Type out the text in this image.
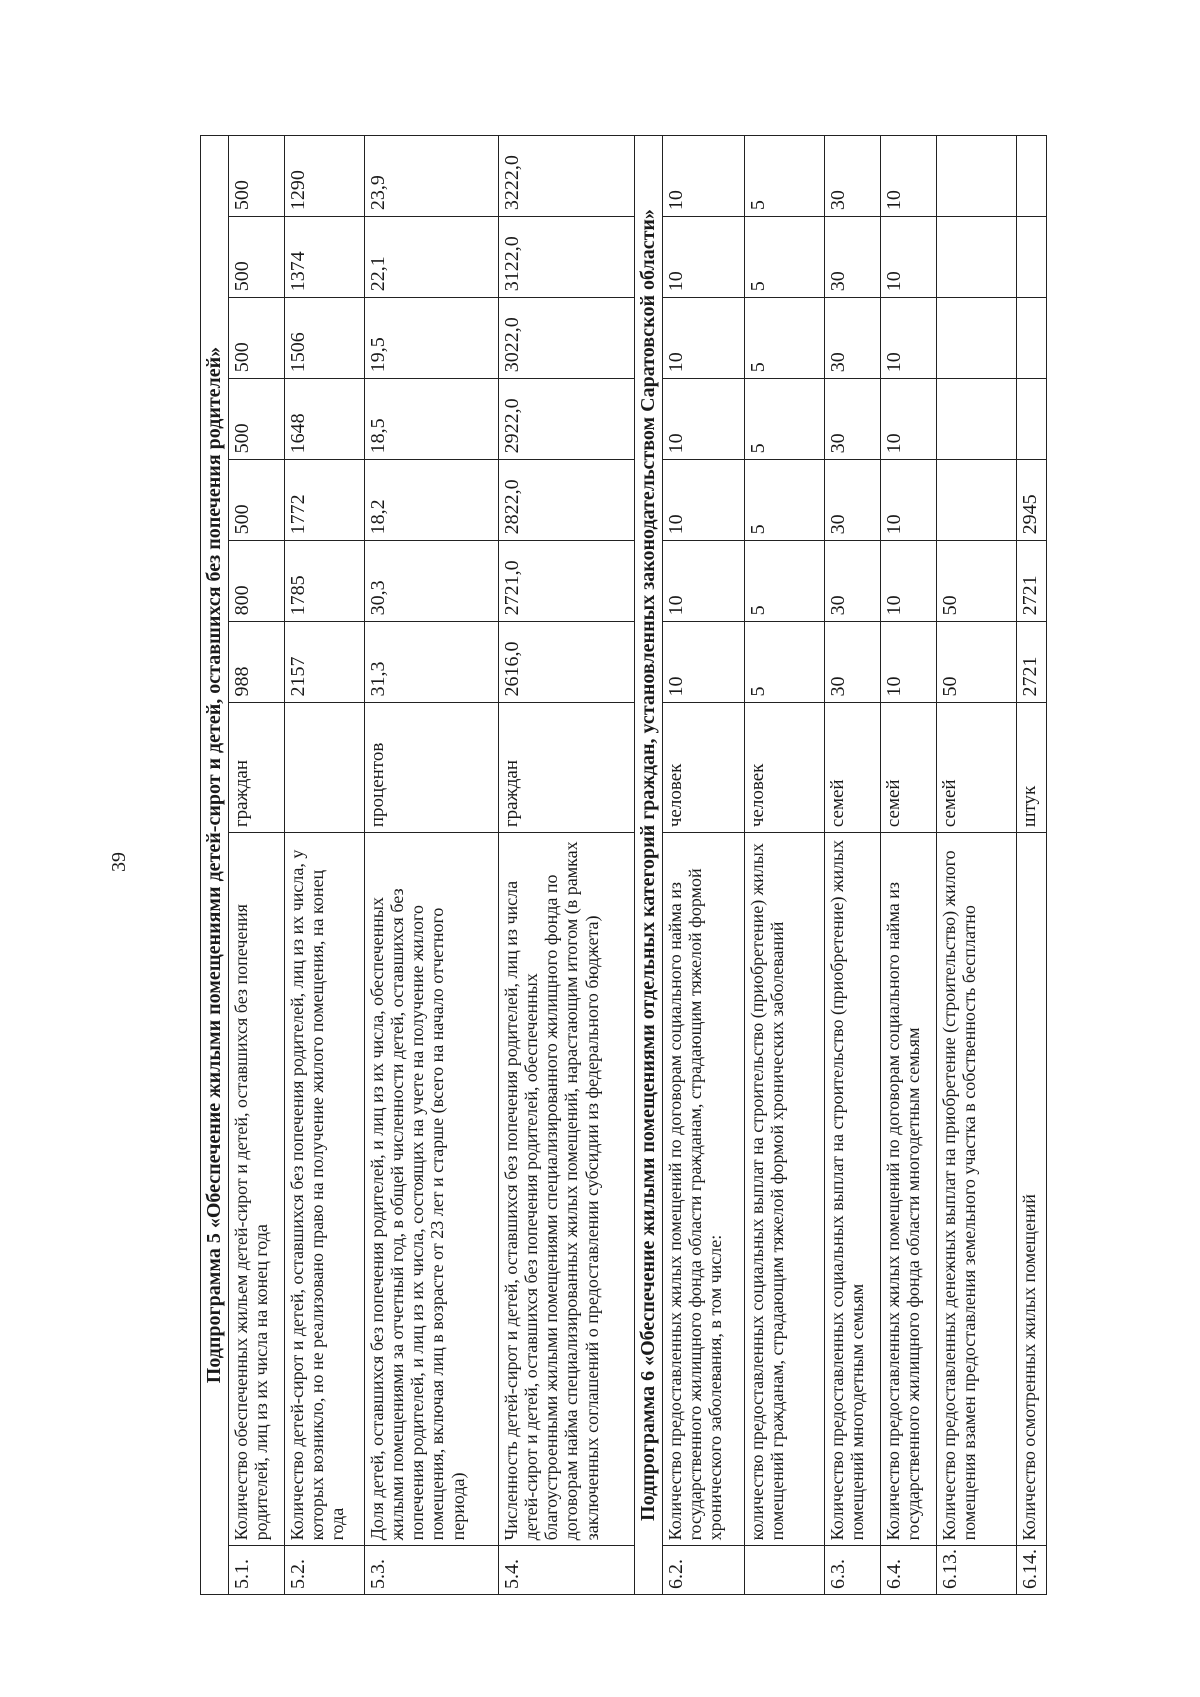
39	Подпрограмма 5 «Обеспечение жилыми помещениями детей-сирот и детей, оставшихся без попечения родителей»									
5.1.	Количество обеспеченных жильем детей-сирот и детей, оставшихся без попечения родителей, лиц из их числа на конец года	граждан	988	800	500	500	500	500	500
5.2.	Количество детей-сирот и детей, оставшихся без попечения родителей, лиц из их числа, у которых возникло, но не реализовано право на получение жилого помещения, на конец года		2157	1785	1772	1648	1506	1374	1290
5.3.	Доля детей, оставшихся без попечения родителей, и лиц из их числа, обеспеченных жилыми помещениями за отчетный год, в общей численности детей, оставшихся без попечения родителей, и лиц из их числа, состоящих на учете на получение жилого помещения, включая лиц в возрасте от 23 лет и старше (всего на начало отчетного периода)	процентов	31,3	30,3	18,2	18,5	19,5	22,1	23,9
5.4.	Численность детей-сирот и детей, оставшихся без попечения родителей, лиц из числа детей-сирот и детей, оставшихся без попечения родителей, обеспеченных благоустроенными жилыми помещениями специализированного жилищного фонда по договорам найма специализированных жилых помещений, нарастающим итогом (в рамках заключенных соглашений о предоставлении субсидии из федерального бюджета)	граждан	2616,0	2721,0	2822,0	2922,0	3022,0	3122,0	3222,0
Подпрограмма 6 «Обеспечение жилыми помещениями отдельных категорий граждан, установленных законодательством Саратовской области»									
6.2.	Количество предоставленных жилых помещений по договорам социального найма из государственного жилищного фонда области гражданам, страдающим тяжелой формой хронического заболевания, в том числе:	человек	10	10	10	10	10	10	10
	количество предоставленных социальных выплат на строительство (приобретение) жилых помещений гражданам, страдающим тяжелой формой хронических заболеваний	человек	5	5	5	5	5	5	5
6.3.	Количество предоставленных социальных выплат на строительство (приобретение) жилых помещений многодетным семьям	семей	30	30	30	30	30	30	30
6.4.	Количество предоставленных жилых помещений по договорам социального найма из государственного жилищного фонда области многодетным семьям	семей	10	10	10	10	10	10	10
6.13.	Количество предоставленных денежных выплат на приобретение (строительство) жилого помещения взамен предоставления земельного участка в собственность бесплатно	семей	50	50					
6.14.	Количество осмотренных жилых помещений	штук	2721	2721	2945				
